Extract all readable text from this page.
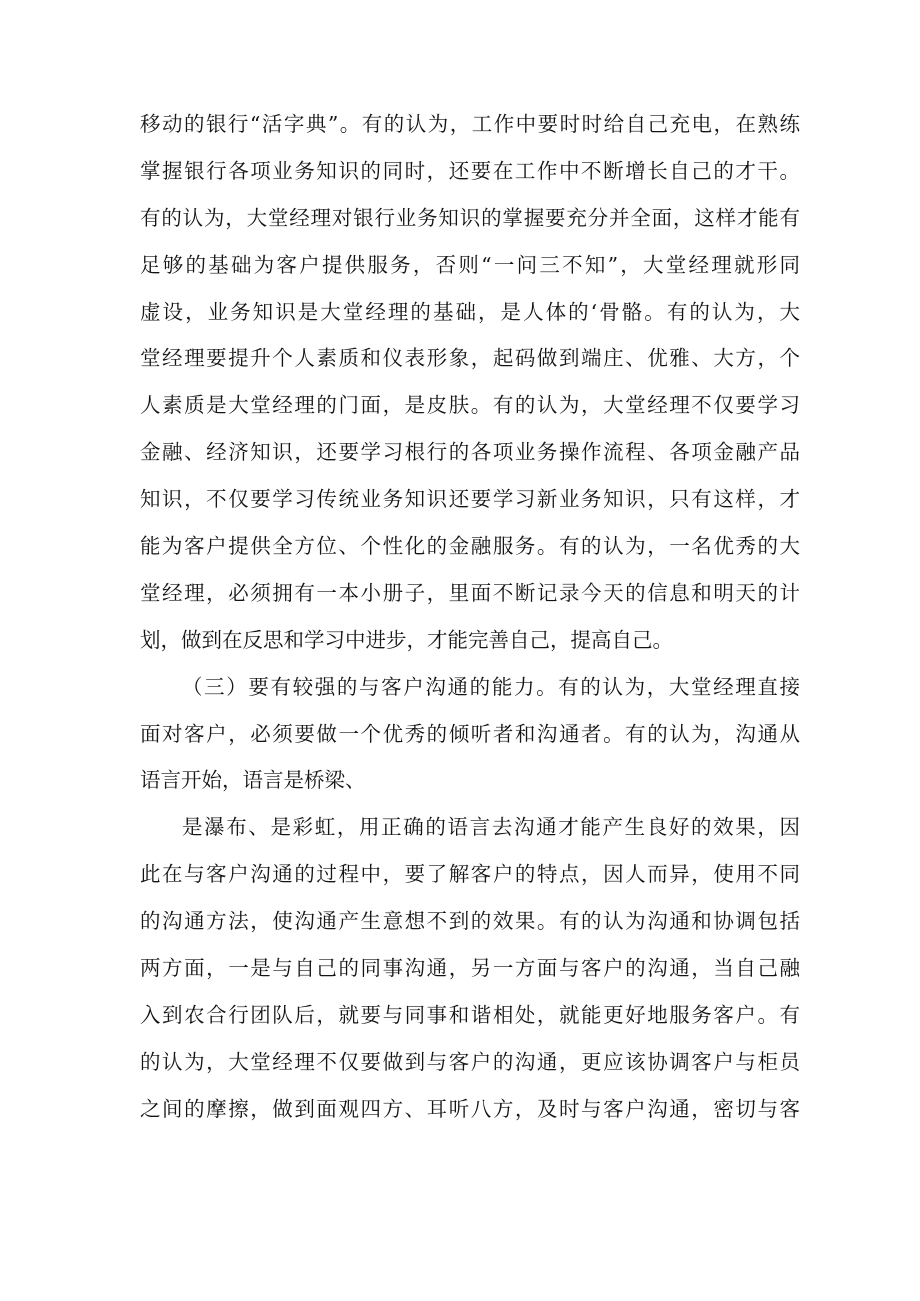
移动的银行“活字典”。有的认为，工作中要时时给自己充电，在熟练
掌握银行各项业务知识的同时，还要在工作中不断增长自己的才干。
有的认为，大堂经理对银行业务知识的掌握要充分并全面，这样才能有
足够的基础为客户提供服务，否则“一问三不知”，大堂经理就形同
虚设，业务知识是大堂经理的基础，是人体的‘骨骼。有的认为，大
堂经理要提升个人素质和仪表形象，起码做到端庄、优雅、大方，个
人素质是大堂经理的门面，是皮肤。有的认为，大堂经理不仅要学习
金融、经济知识，还要学习根行的各项业务操作流程、各项金融产品
知识，不仅要学习传统业务知识还要学习新业务知识，只有这样，才
能为客户提供全方位、个性化的金融服务。有的认为，一名优秀的大
堂经理，必须拥有一本小册子，里面不断记录今天的信息和明天的计
划，做到在反思和学习中进步，才能完善自己，提高自己。
（三）要有较强的与客户沟通的能力。有的认为，大堂经理直接
面对客户，必须要做一个优秀的倾听者和沟通者。有的认为，沟通从
语言开始，语言是桥梁、
是瀑布、是彩虹，用正确的语言去沟通才能产生良好的效果，因
此在与客户沟通的过程中，要了解客户的特点，因人而异，使用不同
的沟通方法，使沟通产生意想不到的效果。有的认为沟通和协调包括
两方面，一是与自己的同事沟通，另一方面与客户的沟通，当自己融
入到农合行团队后，就要与同事和谐相处，就能更好地服务客户。有
的认为，大堂经理不仅要做到与客户的沟通，更应该协调客户与柜员
之间的摩擦，做到面观四方、耳听八方，及时与客户沟通，密切与客
